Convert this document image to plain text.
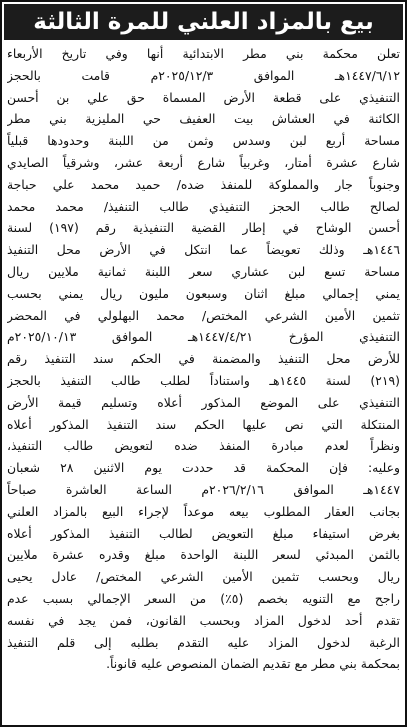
بيع بالمزاد العلني للمرة الثالثة
تعلن محكمة بني مطر الابتدائية أنها وفي تاريخ الأربعاء
١٤٤٧/٦/١٢هـ الموافق ٢٠٢٥/١٢/٣م قامت بالحجز
التنفيذي على قطعة الأرض المسماة حق علي بن أحسن
الكائنة في العشاش بيت العفيف حي المليزية بني مطر
مساحة أربع لبن وسدس وثمن من اللبنة وحدودها قبلياً
شارع عشرة أمتار، وغربياً شارع أربعة عشر، وشرقياً الصايدي
وجنوباً جار والمملوكة للمنفذ ضده/ حميد محمد علي حباجة
لصالح طالب الحجز التنفيذي طالب التنفيذ/ محمد محمد
أحسن الوشاح في إطار القضية التنفيذية رقم (١٩٧) لسنة
١٤٤٦هـ وذلك تعويضاً عما انتكل في الأرض محل التنفيذ
مساحة تسع لبن عشاري سعر اللبنة ثمانية ملايين ريال
يمني إجمالي مبلغ اثنان وسبعون مليون ريال يمني بحسب
تثمين الأمين الشرعي المختص/ محمد البهلولي في المحضر
التنفيذي المؤرخ ١٤٤٧/٤/٢١هـ الموافق ٢٠٢٥/١٠/١٣م
للأرض محل التنفيذ والمضمنة في الحكم سند التنفيذ رقم
(٢١٩) لسنة ١٤٤٥هـ واستناداً لطلب طالب التنفيذ بالحجز
التنفيذي على الموضع المذكور أعلاه وتسليم قيمة الأرض
المنتكلة التي نص عليها الحكم سند التنفيذ المذكور أعلاه
ونظراً لعدم مبادرة المنفذ ضده لتعويض طالب التنفيذ،
وعليه: فإن المحكمة قد حددت يوم الاثنين ٢٨ شعبان
١٤٤٧هـ الموافق ٢٠٢٦/٢/١٦م الساعة العاشرة صباحاً
بجانب العقار المطلوب بيعه موعداً لإجراء البيع بالمزاد العلني
بغرض استيفاء مبلغ التعويض لطالب التنفيذ المذكور أعلاه
بالثمن المبدئي لسعر اللبنة الواحدة مبلغ وقدره عشرة ملايين
ريال وبحسب تثمين الأمين الشرعي المختص/ عادل يحيى
راجح مع التنويه بخصم (٥٪) من السعر الإجمالي بسبب عدم
تقدم أحد لدخول المزاد وبحسب القانون، فمن يجد في نفسه
الرغبة لدخول المزاد عليه التقدم بطلبه إلى قلم التنفيذ
بمحكمة بني مطر مع تقديم الضمان المنصوص عليه قانوناً.
